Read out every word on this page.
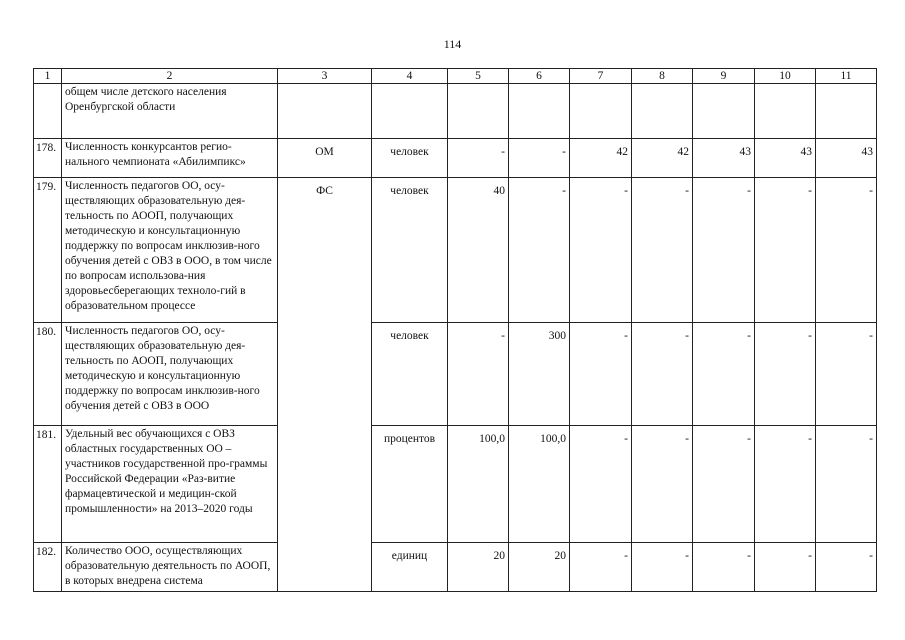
114
1	2	3	4	5	6	7	8	9	10	11
	общем числе детского населения Оренбургской области									
178.	Численность конкурсантов регио-нального чемпионата «Абилимпикс»	ОМ	человек	-	-	42	42	43	43	43

179.	Численность педагогов ОО, осу-ществляющих образовательную дея-тельность по АООП, получающих методическую и консультационную поддержку по вопросам инклюзив-ного обучения детей с ОВЗ в ООО, в том числе по вопросам использова-ния здоровьесберегающих техноло-гий в образовательном процессе	ФС	человек	40	-	-	-	-	-	-

180.	Численность педагогов ОО, осу-ществляющих образовательную дея-тельность по АООП, получающих методическую и консультационную поддержку по вопросам инклюзив-ного обучения детей с ОВЗ в ООО		человек	-	300	-	-	-	-	-

181.	Удельный вес обучающихся с ОВЗ областных государственных ОО – участников государственной про-граммы Российской Федерации «Раз-витие фармацевтической и медицин-ской промышленности» на 2013–2020 годы		процентов	100,0	100,0	-	-	-	-	-

182.	Количество ООО, осуществляющих образовательную деятельность по АООП, в которых внедрена система		единиц	20	20	-	-	-	-	-
